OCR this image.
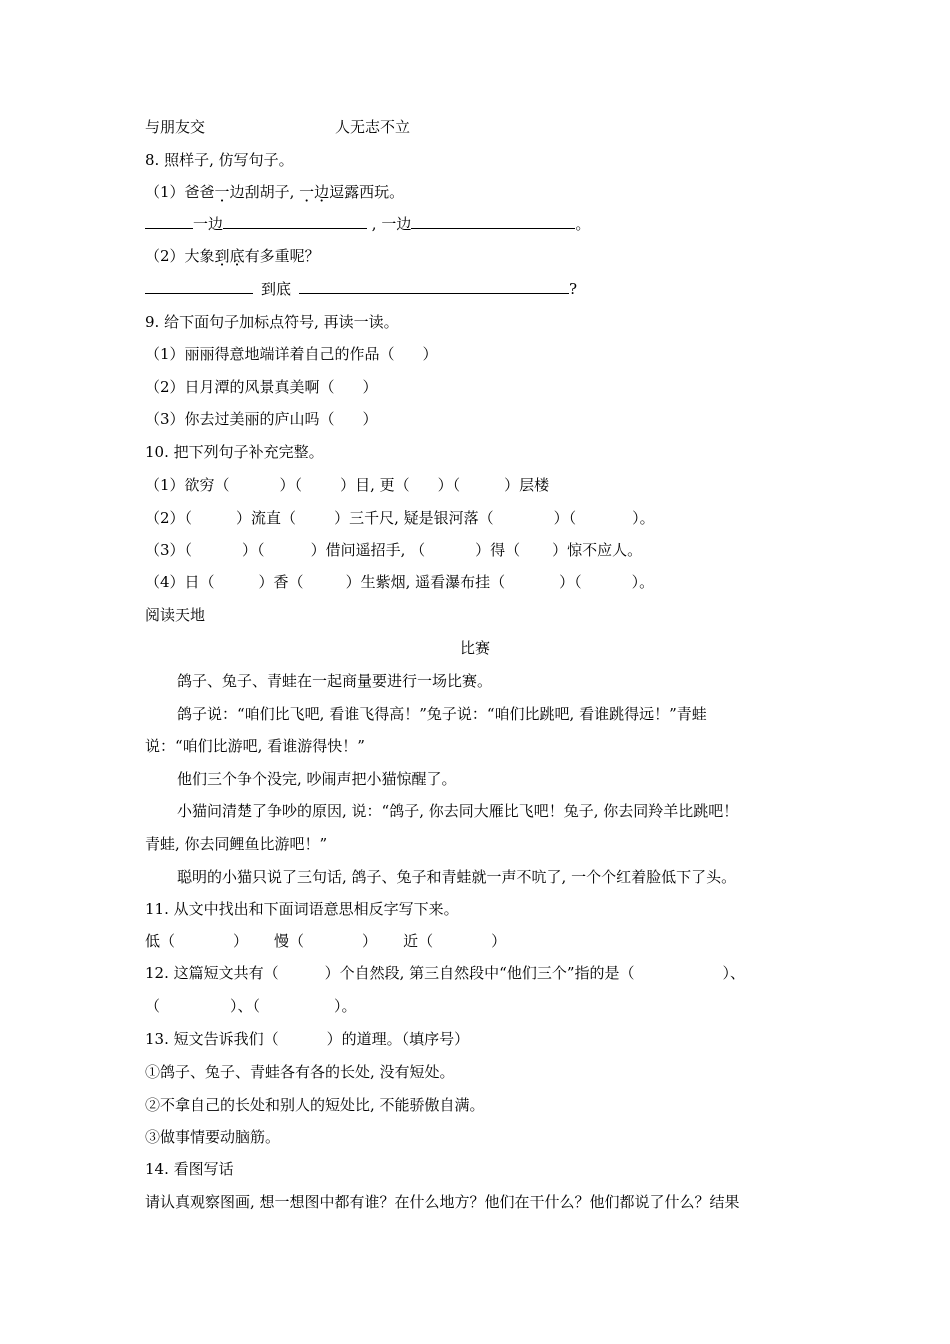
与朋友交	人无志不立
8. 照样子, 仿写句子。
（1）爸爸一边刮胡子, 一边逗露西玩。
一边	, 一边	。
（2）大象到底有多重呢？
到底	?
9. 给下面句子加标点符号, 再读一读。
（1）丽丽得意地端详着自己的作品（ ）
（2）日月潭的风景真美啊（ ）
（3）你去过美丽的庐山吗（ ）
10. 把下列句子补充完整。
（1）欲穷（	）（	）目, 更（ ）（	）层楼
（2）（	）流直（	）三千尺, 疑是银河落（	）（	）。
（3）（	）（	）借问遥招手, （	）得（ ）惊不应人。
（4）日（	）香（	）生紫烟, 遥看瀑布挂（	）（	）。
阅读天地
比赛
鸽子、兔子、青蛙在一起商量要进行一场比赛。
鸽子说：“咱们比飞吧, 看谁飞得高！”兔子说：“咱们比跳吧, 看谁跳得远！”青蛙
说：“咱们比游吧, 看谁游得快！”
他们三个争个没完, 吵闹声把小猫惊醒了。
小猫问清楚了争吵的原因, 说：“鸽子, 你去同大雁比飞吧！兔子, 你去同羚羊比跳吧！
青蛙, 你去同鲤鱼比游吧！”
聪明的小猫只说了三句话, 鸽子、兔子和青蛙就一声不吭了, 一个个红着脸低下了头。
11. 从文中找出和下面词语意思相反字写下来。
低（	） 慢（	） 近（	）
12. 这篇短文共有（	）个自然段, 第三自然段中“他们三个”指的是（	）、
（	）、（	）。
13. 短文告诉我们（	）的道理。（填序号）
①鸽子、兔子、青蛙各有各的长处, 没有短处。
②不拿自己的长处和别人的短处比, 不能骄傲自满。
③做事情要动脑筋。
14. 看图写话
请认真观察图画, 想一想图中都有谁？在什么地方？他们在干什么？他们都说了什么？结果
